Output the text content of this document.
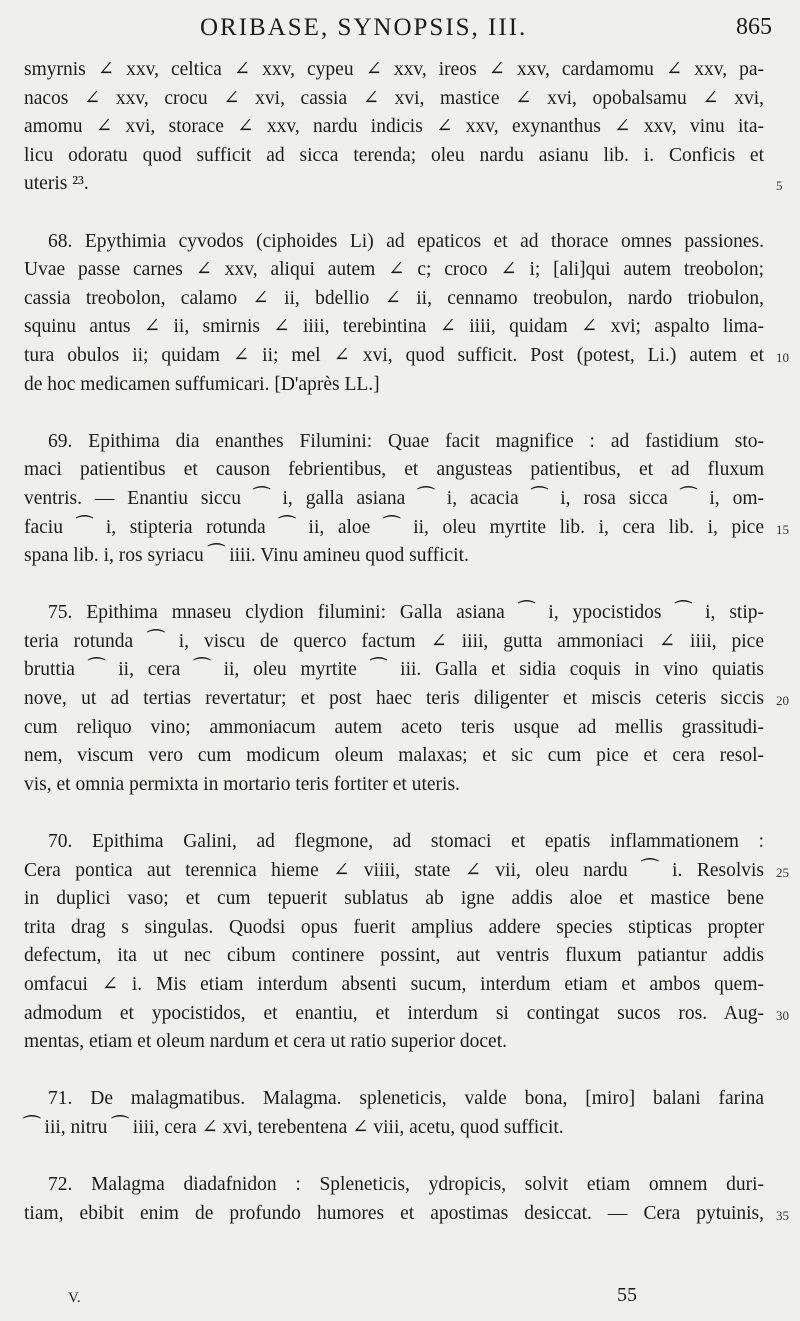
ORIBASE, SYNOPSIS, III.	865
smyrnis ∠ xxv, celtica ∠ xxv, cypeu ∠ xxv, ireos ∠ xxv, cardamomu ∠ xxv, pa-
nacos ∠ xxv, crocu ∠ xvi, cassia ∠ xvi, mastice ∠ xvi, opobalsamu ∠ xvi,
amomu ∠ xvi, storace ∠ xxv, nardu indicis ∠ xxv, exynanthus ∠ xxv, vinu ita-
licu odoratu quod sufficit ad sicca terenda; oleu nardu asianu lib. i. Conficis et
uteris ²³.	5
68. Epythimia cyvodos (ciphoides Li) ad epaticos et ad thorace omnes passiones.
Uvae passe carnes ∠ xxv, aliqui autem ∠ c; croco ∠ i; [ali]qui autem treobolon;
cassia treobolon, calamo ∠ ii, bdellio ∠ ii, cennamo treobulon, nardo triobulon,
squinu antus ∠ ii, smirnis ∠ iiii, terebintina ∠ iiii, quidam ∠ xvi; aspalto lima-
tura obulos ii; quidam ∠ ii; mel ∠ xvi, quod sufficit. Post (potest, Li.) autem et 10
de hoc medicamen suffumicari. [D'après LL.]
69. Epithima dia enanthes Filumini: Quae facit magnifice : ad fastidium sto-
maci patientibus et causon febrientibus, et angusteas patientibus, et ad fluxum
ventris. — Enantiu siccu ⁀ i, galla asiana ⁀ i, acacia ⁀ i, rosa sicca ⁀ i, om-
faciu ⁀ i, stipteria rotunda ⁀ ii, aloe ⁀ ii, oleu myrtite lib. i, cera lib. i, pice 15
spana lib. i, ros syriacu ⁀ iiii. Vinu amineu quod sufficit.
75. Epithima mnaseu clydion filumini: Galla asiana ⁀ i, ypocistidos ⁀ i, stip-
teria rotunda ⁀ i, viscu de querco factum ∠ iiii, gutta ammoniaci ∠ iiii, pice
bruttia ⁀ ii, cera ⁀ ii, oleu myrtite ⁀ iii. Galla et sidia coquis in vino quiatis
nove, ut ad tertias revertatur; et post haec teris diligenter et miscis ceteris siccis 20
cum reliquo vino; ammoniacum autem aceto teris usque ad mellis grassitudi-
nem, viscum vero cum modicum oleum malaxas; et sic cum pice et cera resol-
vis, et omnia permixta in mortario teris fortiter et uteris.
70. Epithima Galini, ad flegmone, ad stomaci et epatis inflammationem :
Cera pontica aut terennica hieme ∠ viiii, state ∠ vii, oleu nardu ⁀ i. Resolvis 25
in duplici vaso; et cum tepuerit sublatus ab igne addis aloe et mastice bene
trita drag s singulas. Quodsi opus fuerit amplius addere species stipticas propter
defectum, ita ut nec cibum continere possint, aut ventris fluxum patiantur addis
omfacui ∠ i. Mis etiam interdum absenti sucum, interdum etiam et ambos quem-
admodum et ypocistidos, et enantiu, et interdum si contingat sucos ros. Aug- 30
mentas, etiam et oleum nardum et cera ut ratio superior docet.
71. De malagmatibus. Malagma. spleneticis, valde bona, [miro] balani farina
⁀ iii, nitru ⁀ iiii, cera ∠ xvi, terebentena ∠ viii, acetu, quod sufficit.
72. Malagma diadafnidon : Spleneticis, ydropicis, solvit etiam omnem duri-
tiam, ebibit enim de profundo humores et apostimas desiccat. — Cera pytuinis, 35
V.	55
